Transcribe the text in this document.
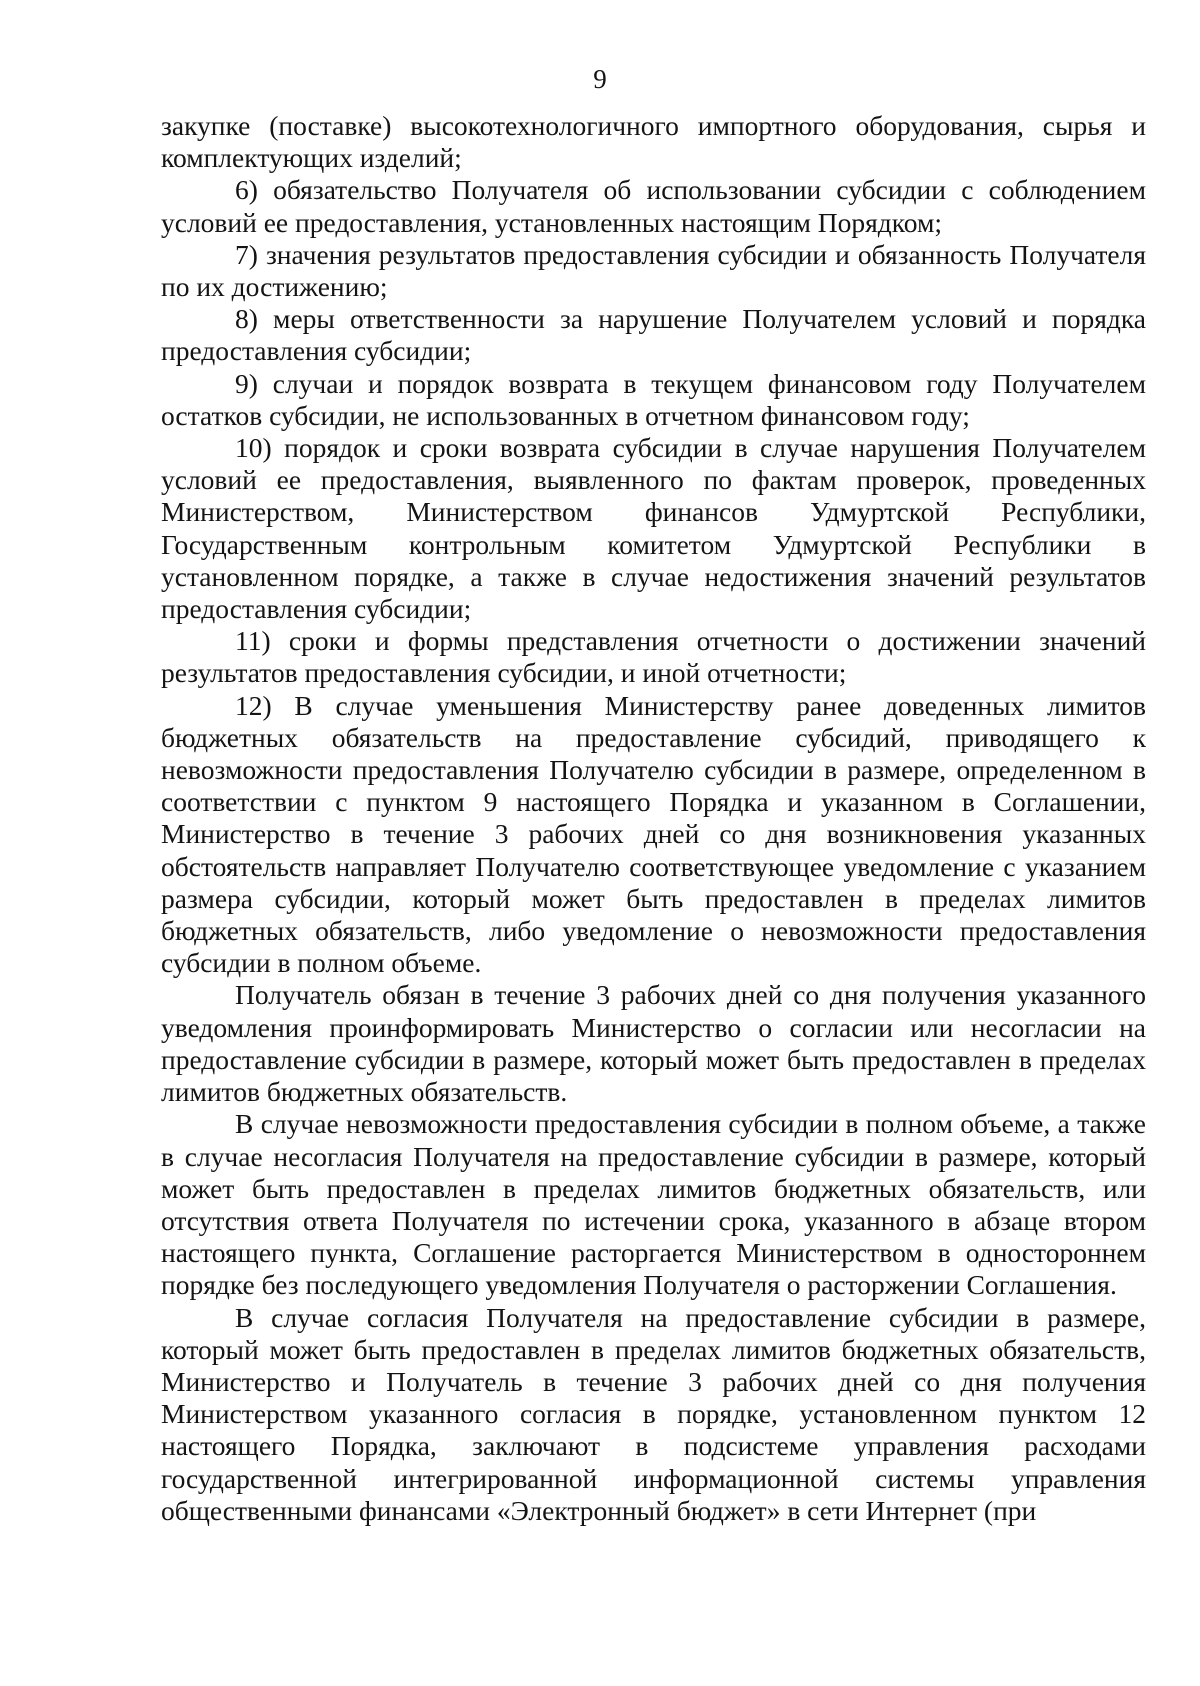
9

закупке (поставке) высокотехнологичного импортного оборудования, сырья и комплектующих изделий;

6) обязательство Получателя об использовании субсидии с соблюдением условий ее предоставления, установленных настоящим Порядком;

7) значения результатов предоставления субсидии и обязанность Получателя по их достижению;

8) меры ответственности за нарушение Получателем условий и порядка предоставления субсидии;

9) случаи и порядок возврата в текущем финансовом году Получателем остатков субсидии, не использованных в отчетном финансовом году;

10) порядок и сроки возврата субсидии в случае нарушения Получателем условий ее предоставления, выявленного по фактам проверок, проведенных Министерством, Министерством финансов Удмуртской Республики, Государственным контрольным комитетом Удмуртской Республики в установленном порядке, а также в случае недостижения значений результатов предоставления субсидии;

11) сроки и формы представления отчетности о достижении значений результатов предоставления субсидии, и иной отчетности;

12) В случае уменьшения Министерству ранее доведенных лимитов бюджетных обязательств на предоставление субсидий, приводящего к невозможности предоставления Получателю субсидии в размере, определенном в соответствии с пунктом 9 настоящего Порядка и указанном в Соглашении, Министерство в течение 3 рабочих дней со дня возникновения указанных обстоятельств направляет Получателю соответствующее уведомление с указанием размера субсидии, который может быть предоставлен в пределах лимитов бюджетных обязательств, либо уведомление о невозможности предоставления субсидии в полном объеме.

Получатель обязан в течение 3 рабочих дней со дня получения указанного уведомления проинформировать Министерство о согласии или несогласии на предоставление субсидии в размере, который может быть предоставлен в пределах лимитов бюджетных обязательств.

В случае невозможности предоставления субсидии в полном объеме, а также в случае несогласия Получателя на предоставление субсидии в размере, который может быть предоставлен в пределах лимитов бюджетных обязательств, или отсутствия ответа Получателя по истечении срока, указанного в абзаце втором настоящего пункта, Соглашение расторгается Министерством в одностороннем порядке без последующего уведомления Получателя о расторжении Соглашения.

В случае согласия Получателя на предоставление субсидии в размере, который может быть предоставлен в пределах лимитов бюджетных обязательств, Министерство и Получатель в течение 3 рабочих дней со дня получения Министерством указанного согласия в порядке, установленном пунктом 12 настоящего Порядка, заключают в подсистеме управления расходами государственной интегрированной информационной системы управления общественными финансами «Электронный бюджет» в сети Интернет (при
